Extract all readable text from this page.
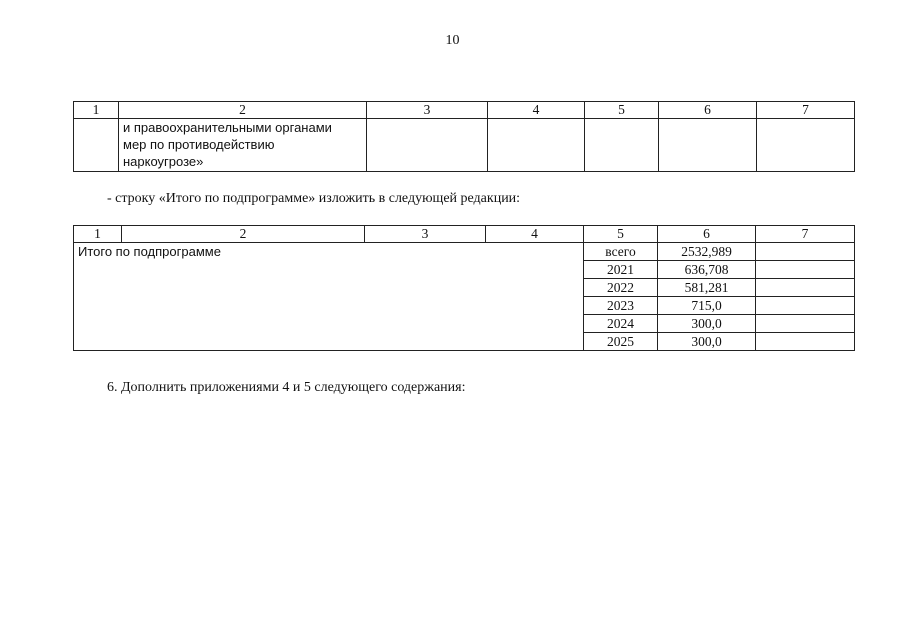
10
1	2	3	4	5	6	7

	и правоохранительными органами
мер по противодействию
наркоугрозе»					

- строку «Итого по подпрограмме» изложить в следующей редакции:
1	2	3	4	5	6	7
Итого по подпрограмме				всего	2532,989	
				2021	636,708	
				2022	581,281	
				2023	715,0	
				2024	300,0	
				2025	300,0	
6. Дополнить приложениями 4 и 5 следующего содержания:
